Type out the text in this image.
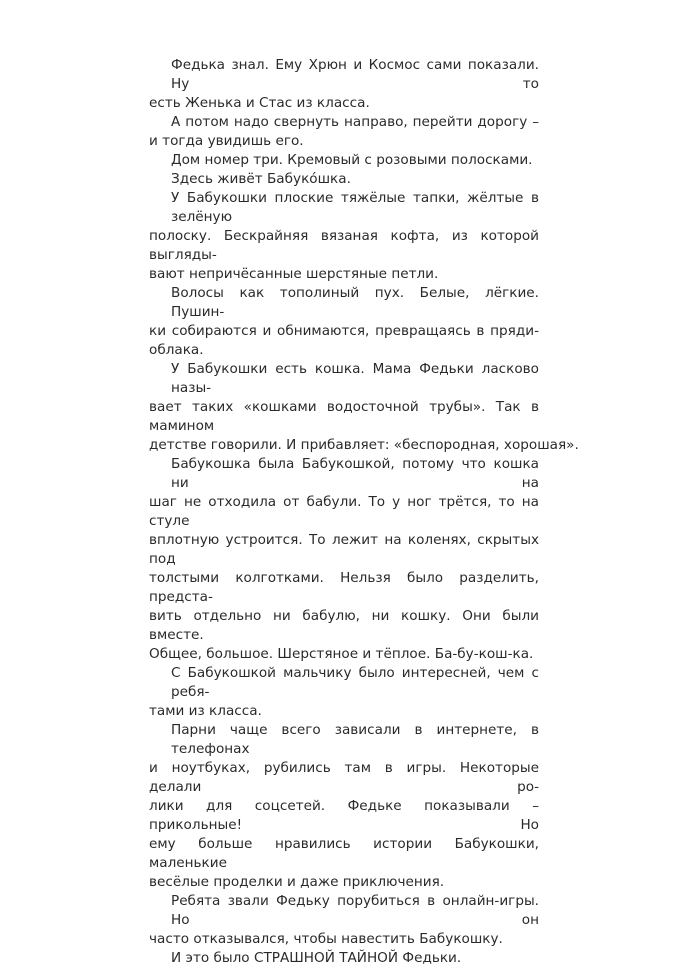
Федька знал. Ему Хрюн и Космос сами показали. Ну то
есть Женька и Стас из класса.
А потом надо свернуть направо, перейти дорогу –
и тогда увидишь его.
Дом номер три. Кремовый с розовыми полосками.
Здесь живёт Бабуко́шка.
У Бабукошки плоские тяжёлые тапки, жёлтые в зелёную
полоску. Бескрайняя вязаная кофта, из которой выгляды-
вают непричёсанные шерстяные петли.
Волосы как тополиный пух. Белые, лёгкие. Пушин-
ки собираются и обнимаются, превращаясь в пряди-
облака.
У Бабукошки есть кошка. Мама Федьки ласково назы-
вает таких «кошками водосточной трубы». Так в мамином
детстве говорили. И прибавляет: «беспородная, хорошая».
Бабукошка была Бабукошкой, потому что кошка ни на
шаг не отходила от бабули. То у ног трётся, то на стуле
вплотную устроится. То лежит на коленях, скрытых под
толстыми колготками. Нельзя было разделить, предста-
вить отдельно ни бабулю, ни кошку. Они были вместе.
Общее, большое. Шерстяное и тёплое. Ба-бу-кош-ка.
С Бабукошкой мальчику было интересней, чем с ребя-
тами из класса.
Парни чаще всего зависали в интернете, в телефонах
и ноутбуках, рубились там в игры. Некоторые делали ро-
лики для соцсетей. Федьке показывали – прикольные! Но
ему больше нравились истории Бабукошки, маленькие
весёлые проделки и даже приключения.
Ребята звали Федьку порубиться в онлайн-игры. Но он
часто отказывался, чтобы навестить Бабукошку.
И это было СТРАШНОЙ ТАЙНОЙ Федьки.
